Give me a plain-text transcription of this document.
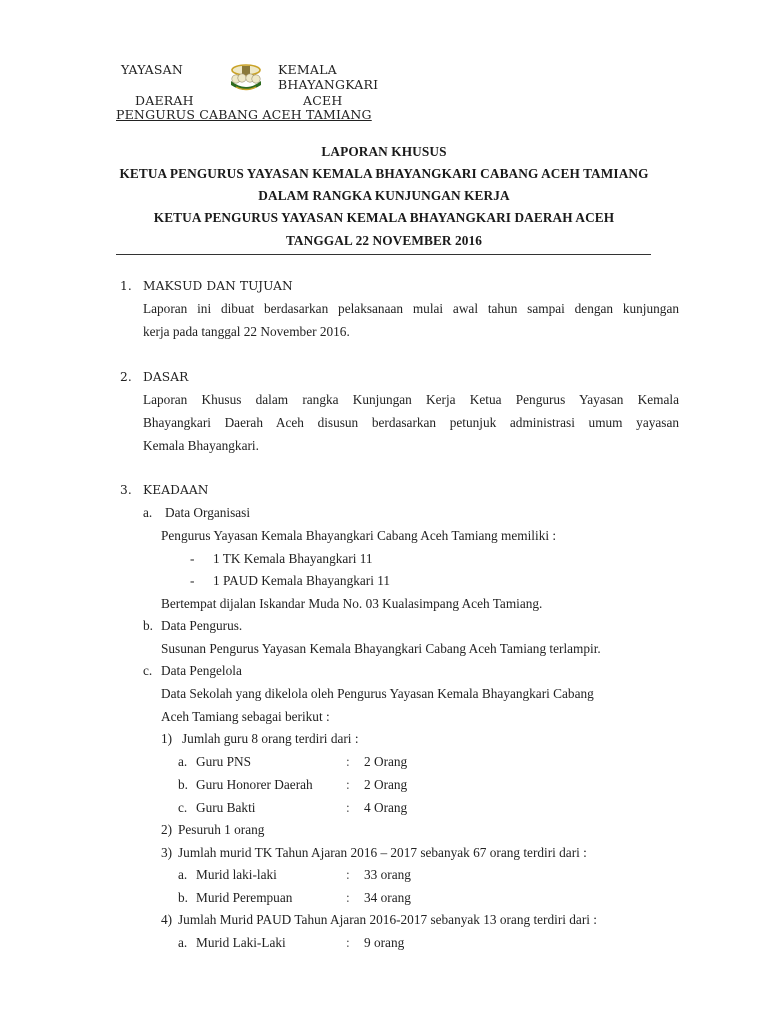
YAYASAN	KEMALA
BHAYANGKARI
DAERAH	ACEH
PENGURUS CABANG ACEH TAMIANG
LAPORAN KHUSUS
KETUA PENGURUS YAYASAN KEMALA BHAYANGKARI CABANG ACEH TAMIANG
DALAM RANGKA KUNJUNGAN KERJA
KETUA PENGURUS YAYASAN KEMALA BHAYANGKARI DAERAH ACEH
TANGGAL 22 NOVEMBER 2016
1. MAKSUD DAN TUJUAN
Laporan ini dibuat berdasarkan pelaksanaan mulai awal tahun sampai dengan kunjungan
kerja pada tanggal 22 November 2016.
2. DASAR
Laporan Khusus dalam rangka Kunjungan Kerja Ketua Pengurus Yayasan Kemala
Bhayangkari Daerah Aceh disusun berdasarkan petunjuk administrasi umum yayasan
Kemala Bhayangkari.
3. KEADAAN
a. Data Organisasi
Pengurus Yayasan Kemala Bhayangkari Cabang Aceh Tamiang memiliki :
- 1 TK Kemala Bhayangkari 11
- 1 PAUD Kemala Bhayangkari 11
Bertempat dijalan Iskandar Muda No. 03 Kualasimpang Aceh Tamiang.
b. Data Pengurus.
Susunan Pengurus Yayasan Kemala Bhayangkari Cabang Aceh Tamiang terlampir.
c. Data Pengelola
Data Sekolah yang dikelola oleh Pengurus Yayasan Kemala Bhayangkari Cabang
Aceh Tamiang sebagai berikut :
1) Jumlah guru 8 orang terdiri dari :
a. Guru PNS	: 2 Orang
b. Guru Honorer Daerah	: 2 Orang
c. Guru Bakti	: 4 Orang
2) Pesuruh 1 orang
3) Jumlah murid TK Tahun Ajaran 2016 – 2017 sebanyak 67 orang terdiri dari :
a. Murid laki-laki	: 33 orang
b. Murid Perempuan	: 34 orang
4) Jumlah Murid PAUD Tahun Ajaran 2016-2017 sebanyak 13 orang terdiri dari :
a. Murid Laki-Laki	: 9 orang
